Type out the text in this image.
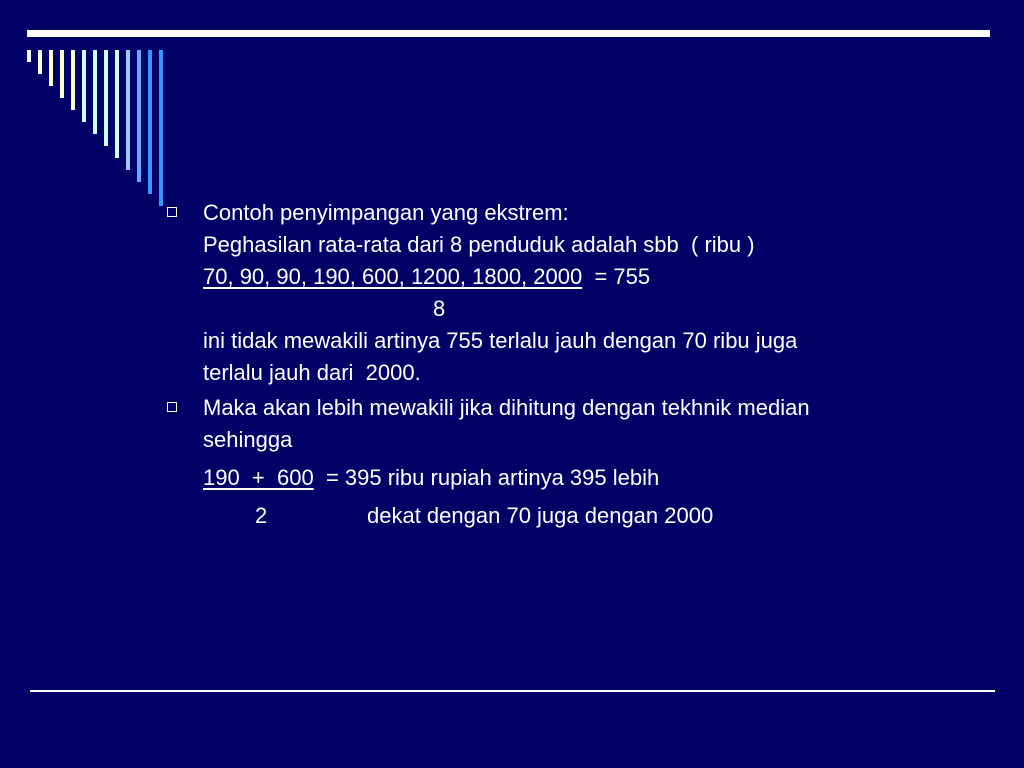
Contoh penyimpangan yang ekstrem:
Peghasilan rata-rata dari 8 penduduk adalah sbb  ( ribu )
70, 90, 90, 190, 600, 1200, 1800, 2000  = 755
8
ini tidak mewakili artinya 755 terlalu jauh dengan 70 ribu juga
terlalu jauh dari  2000.
Maka akan lebih mewakili jika dihitung dengan tekhnik median
sehingga
190  +  600  = 395 ribu rupiah artinya 395 lebih
2	dekat dengan 70 juga dengan 2000
